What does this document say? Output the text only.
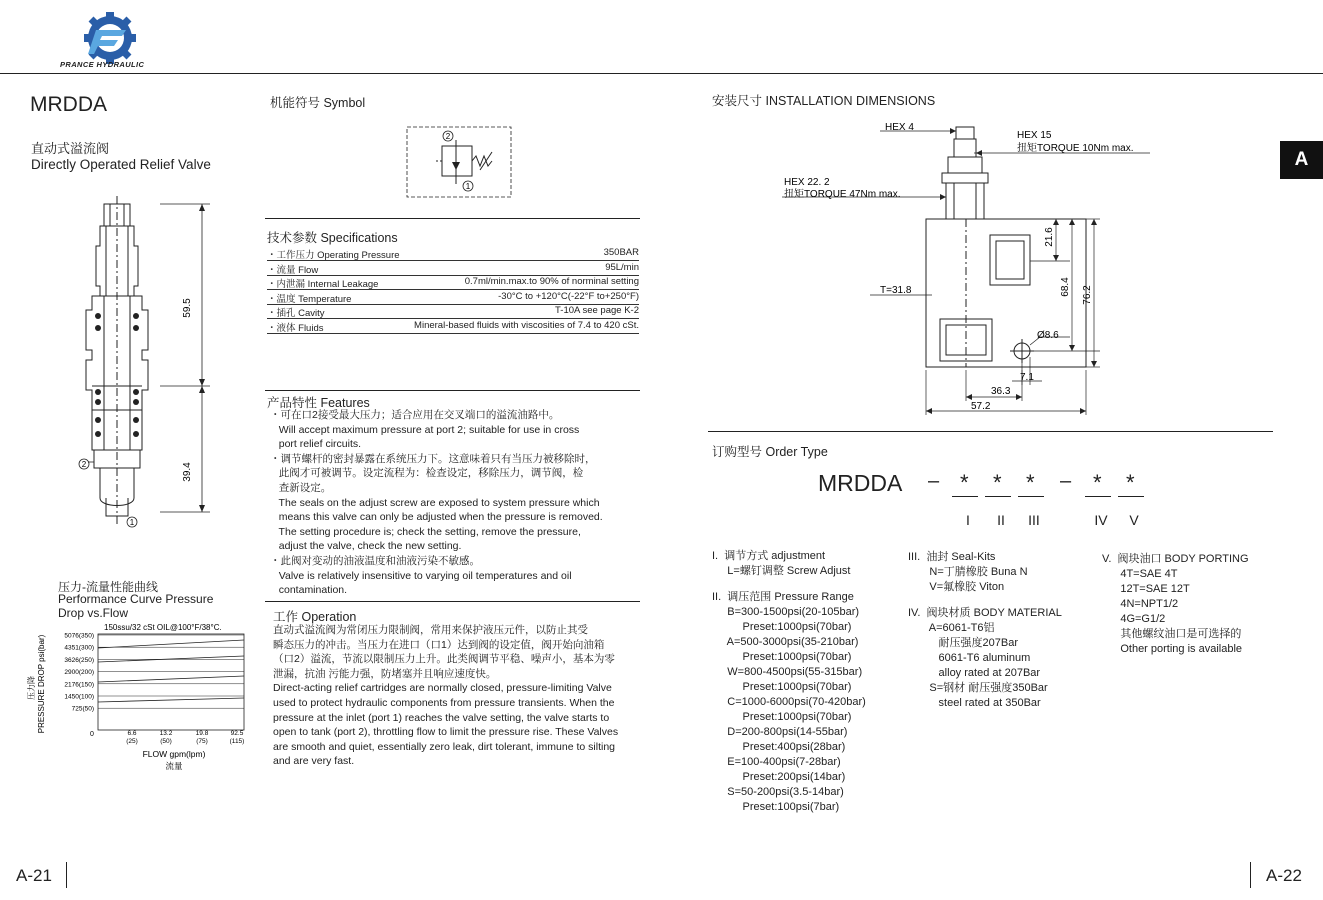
PRANCE HYDRAULIC
MRDDA
直动式溢流阀
Directly Operated Relief Valve
59.5
39.4
2
1
压力-流量性能曲线
Performance Curve Pressure
Drop vs.Flow
150ssu/32 cSt OIL@100°F/38°C.
5076(350)
4351(300)
3626(250)
2900(200)
2176(150)
1450(100)
725(50)
0	6.6
(25)
13.2
(50)
19.8
(75)
92.5
(115)
PRESSURE DROP psi(bar)
压力降
FLOW gpm(lpm)
流量
机能符号 Symbol
2
1
技术参数 Specifications
・工作压力 Operating Pressure	350BAR
・流量 Flow	95L/min
・内泄漏 Internal Leakage	0.7ml/min.max.to 90% of norminal setting
・温度 Temperature	-30°C to +120°C(-22°F to+250°F)
・插孔 Cavity	T-10A see page K-2
・液体 Fluids	Mineral-based fluids with viscosities of 7.4 to 420 cSt.
产品特性 Features
・可在口2接受最大压力；适合应用在交叉端口的溢流油路中。
Will accept maximum pressure at port 2; suitable for use in cross
port relief circuits.
・调节螺杆的密封暴露在系统压力下。这意味着只有当压力被移除时，
此阀才可被调节。设定流程为：检查设定，移除压力，调节阀，检
查新设定。
The seals on the adjust screw are exposed to system pressure which
means this valve can only be adjusted when the pressure is removed.
The setting procedure is; check the setting, remove the pressure,
adjust the valve, check the new setting.
・此阀对变动的油液温度和油液污染不敏感。
Valve is relatively insensitive to varying oil temperatures and oil
contamination.
工作 Operation
直动式溢流阀为常闭压力限制阀，常用来保护液压元件，以防止其受
瞬态压力的冲击。当压力在进口（口1）达到阀的设定值，阀开始向油箱
（口2）溢流，节流以限制压力上升。此类阀调节平稳、噪声小，基本为零
泄漏，抗油 污能力强，防堵塞并且响应速度快。
Direct-acting relief cartridges are normally closed, pressure-limiting Valve
used to protect hydraulic components from pressure transients. When the
pressure at the inlet (port 1) reaches the valve setting, the valve starts to
open to tank (port 2), throttling flow to limit the pressure rise. These Valves
are smooth and quiet, essentially zero leak, dirt tolerant, immune to silting
and are very fast.
安装尺寸 INSTALLATION DIMENSIONS
HEX 4
HEX 15
扭矩TORQUE 10Nm max.
HEX 22. 2
扭矩TORQUE 47Nm max.
T=31.8
21.6
68.4 76.2
Ø8.6
7.1
36.3
57.2
A
订购型号 Order Type
MRDDA –	–
*
I
*
II
*
III
*
IV
*
V
I.  调节方式 adjustment
L=螺钉调整 Screw Adjust
II.  调压范围 Pressure Range
B=300-1500psi(20-105bar)
Preset:1000psi(70bar)
A=500-3000psi(35-210bar)
Preset:1000psi(70bar)
W=800-4500psi(55-315bar)
Preset:1000psi(70bar)
C=1000-6000psi(70-420bar)
Preset:1000psi(70bar)
D=200-800psi(14-55bar)
Preset:400psi(28bar)
E=100-400psi(7-28bar)
Preset:200psi(14bar)
S=50-200psi(3.5-14bar)
Preset:100psi(7bar)
III.  油封 Seal-Kits
N=丁腈橡胶 Buna N
V=氟橡胶 Viton
IV.  阀块材质 BODY MATERIAL
A=6061-T6铝
耐压强度207Bar
6061-T6 aluminum
alloy rated at 207Bar
S=钢材 耐压强度350Bar
steel rated at 350Bar
V.  阀块油口 BODY PORTING
4T=SAE 4T
12T=SAE 12T
4N=NPT1/2
4G=G1/2
其他螺纹油口是可选择的
Other porting is available
A-21	A-22
